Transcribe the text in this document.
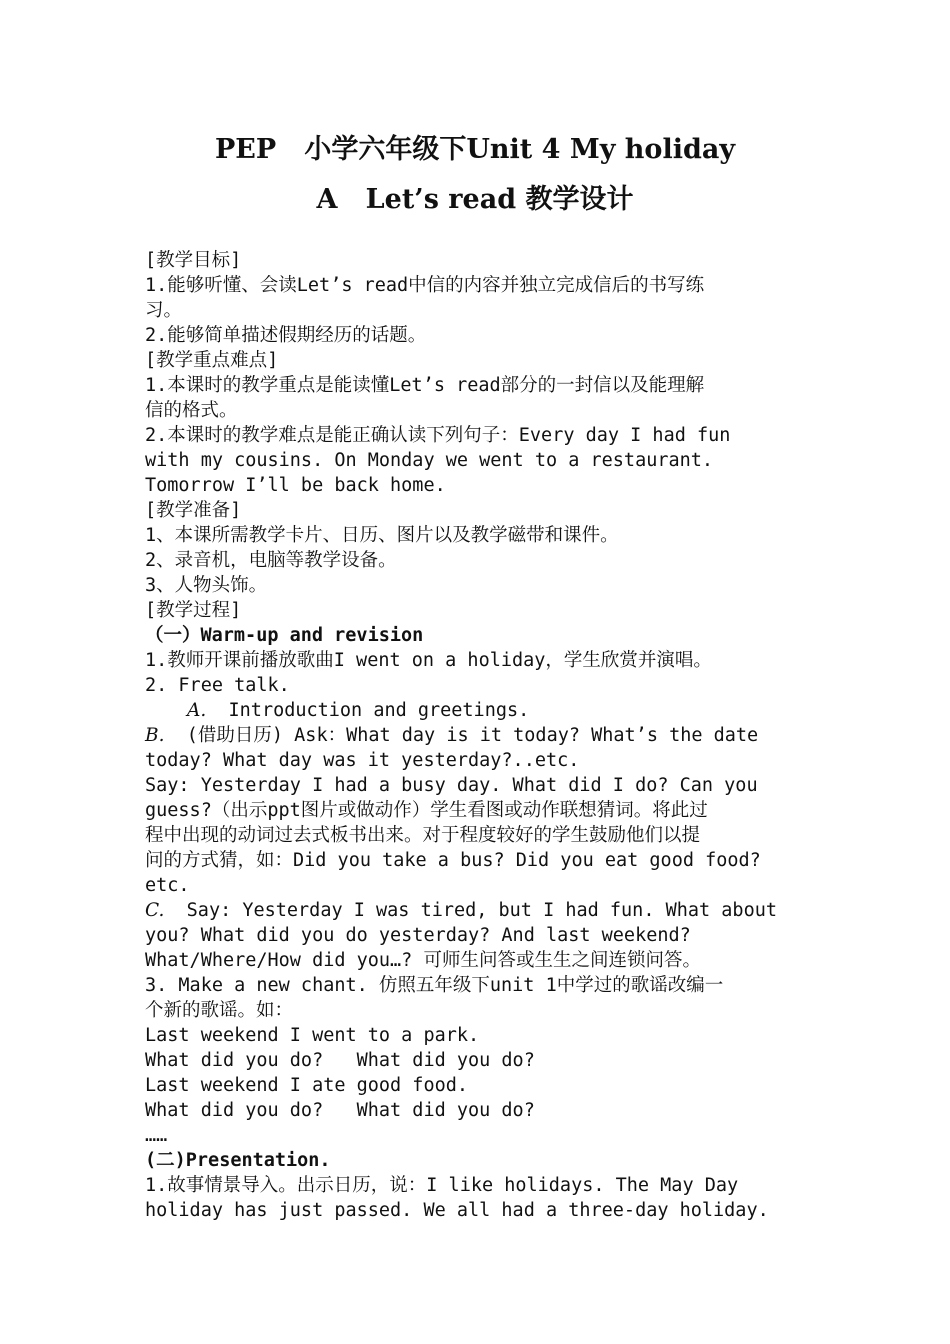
PEP   小学六年级下Unit 4 My holiday
A   Let’s read 教学设计
[教学目标]
1.能够听懂、会读Let’s read中信的内容并独立完成信后的书写练
习。
2.能够简单描述假期经历的话题。
[教学重点难点]
1.本课时的教学重点是能读懂Let’s read部分的一封信以及能理解
信的格式。
2.本课时的教学难点是能正确认读下列句子：Every day I had fun
with my cousins. On Monday we went to a restaurant.
Tomorrow I’ll be back home.
[教学准备]
1、本课所需教学卡片、日历、图片以及教学磁带和课件。
2、录音机，电脑等教学设备。
3、人物头饰。
[教学过程]
（一）Warm-up and revision
1.教师开课前播放歌曲I went on a holiday，学生欣赏并演唱。
2. Free talk.
A.  Introduction and greetings.
B.  (借助日历) Ask：What day is it today? What’s the date
today? What day was it yesterday?..etc.
Say: Yesterday I had a busy day. What did I do? Can you
guess?（出示ppt图片或做动作）学生看图或动作联想猜词。将此过
程中出现的动词过去式板书出来。对于程度较好的学生鼓励他们以提
问的方式猜，如：Did you take a bus? Did you eat good food?
etc.
C.  Say: Yesterday I was tired, but I had fun. What about
you? What did you do yesterday? And last weekend?
What/Where/How did you…? 可师生问答或生生之间连锁问答。
3. Make a new chant. 仿照五年级下unit 1中学过的歌谣改编一
个新的歌谣。如：
Last weekend I went to a park.
What did you do?   What did you do?
Last weekend I ate good food.
What did you do?   What did you do?
……
(二)Presentation.
1.故事情景导入。出示日历，说：I like holidays. The May Day
holiday has just passed. We all had a three-day holiday.
